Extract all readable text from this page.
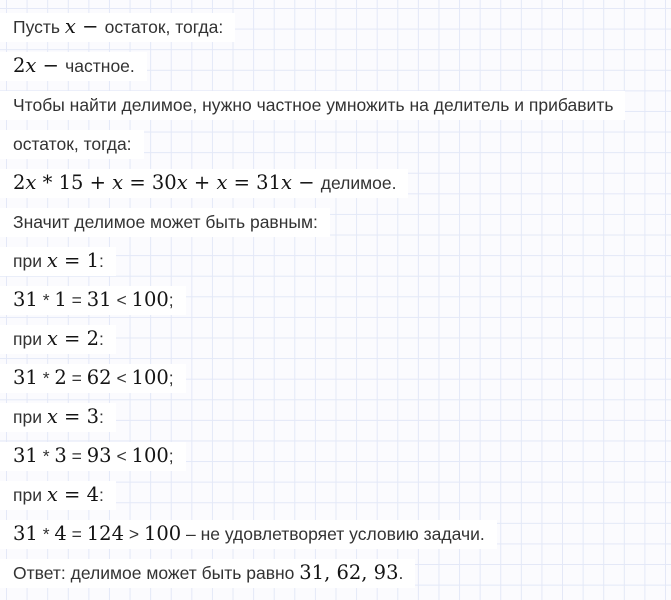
Пусть x − остаток, тогда:
2x − частное.
Чтобы найти делимое, нужно частное умножить на делитель и прибавить
остаток, тогда:
2x * 15 + x = 30x + x = 31x − делимое.
Значит делимое может быть равным:
при x = 1:
31 * 1 = 31 < 100;
при x = 2:
31 * 2 = 62 < 100;
при x = 3:
31 * 3 = 93 < 100;
при x = 4:
31 * 4 = 124 > 100 – не удовлетворяет условию задачи.
Ответ: делимое может быть равно 31, 62, 93.
